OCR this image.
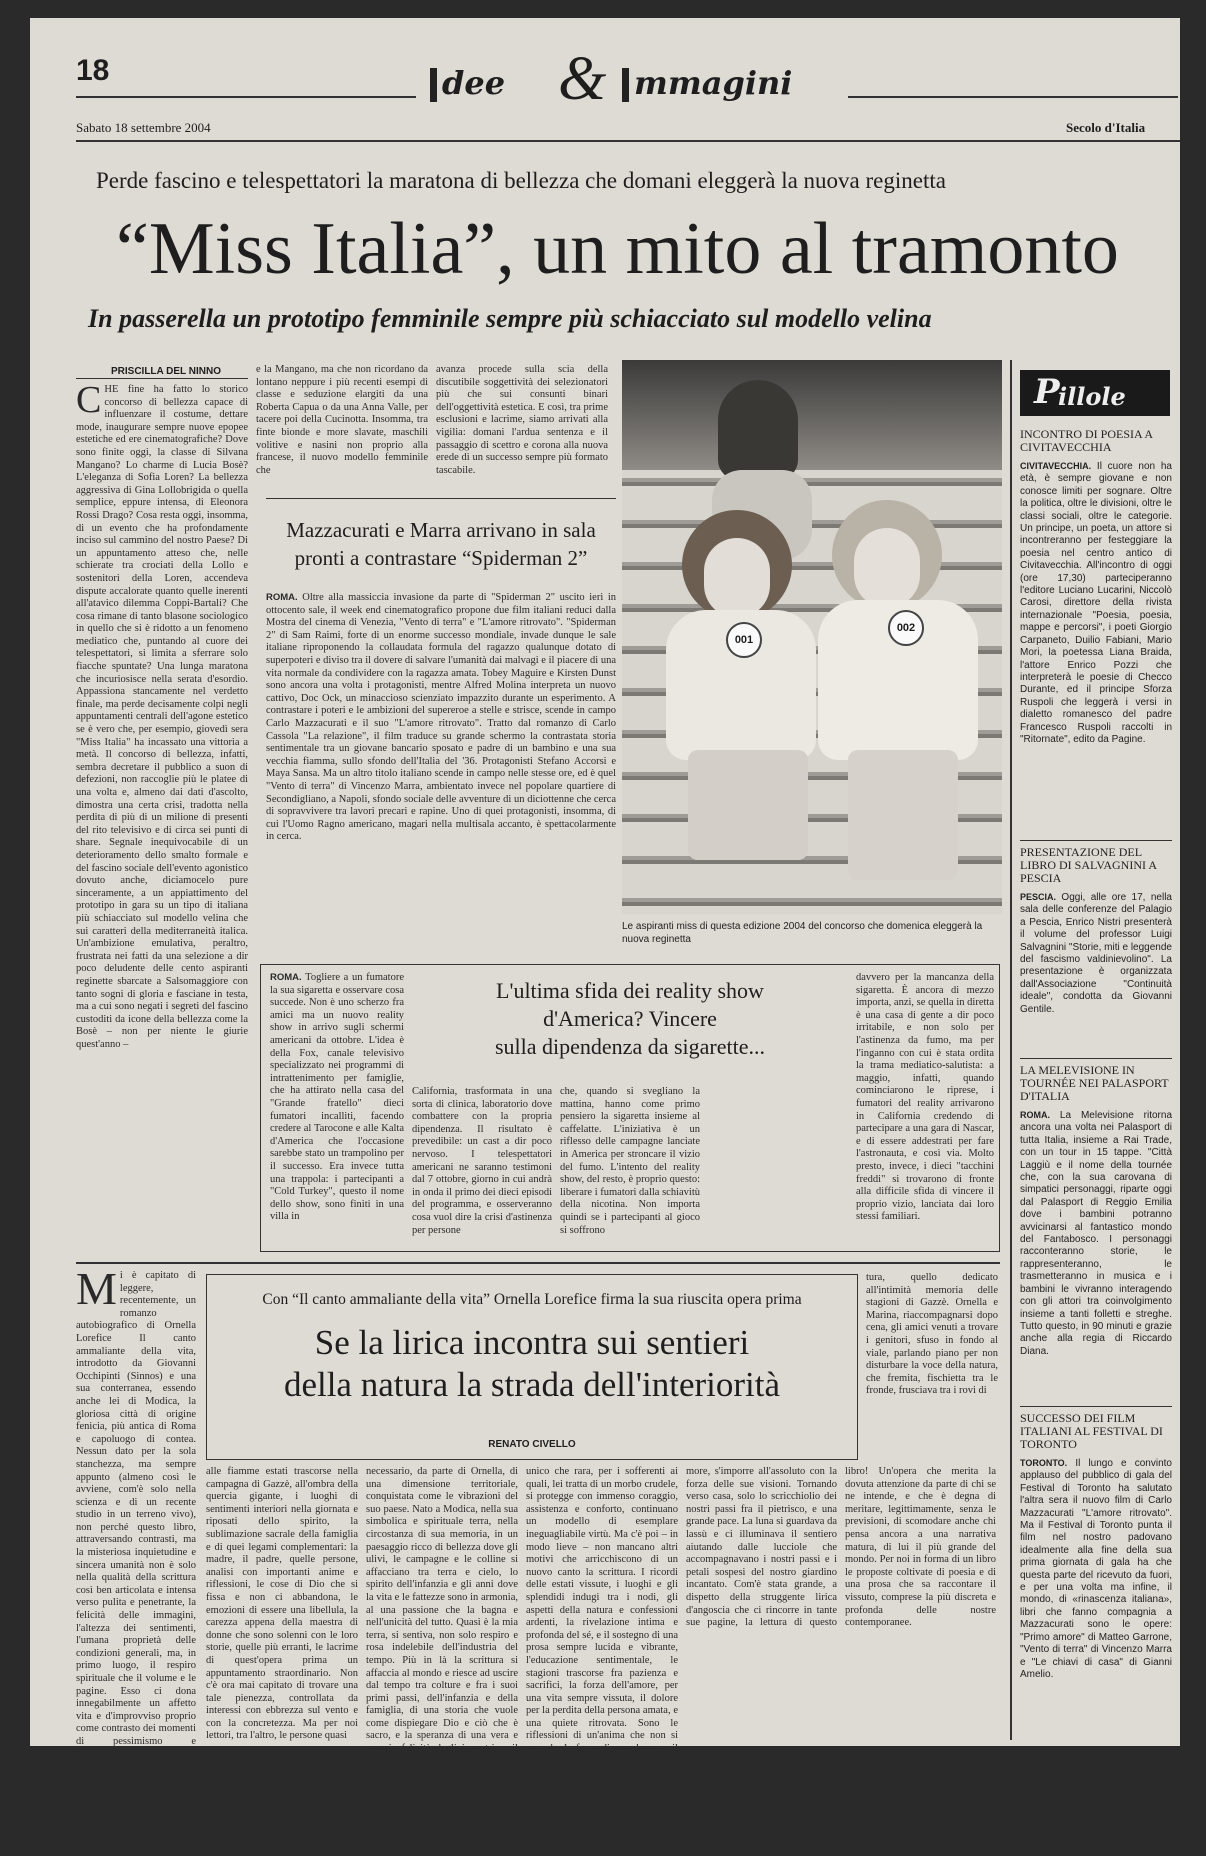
18	dee & mmagini
Sabato 18 settembre 2004	Secolo d'Italia
Perde fascino e telespettatori la maratona di bellezza che domani eleggerà la nuova reginetta
“Miss Italia”, un mito al tramonto
In passerella un prototipo femminile sempre più schiacciato sul modello velina
PRISCILLA DEL NINNO
C HE fine ha fatto lo storico concorso di bellezza capace di influenzare il costume, dettare mode, inaugurare sempre nuove epopee estetiche ed ere cinematografiche? Dove sono finite oggi, la classe di Silvana Mangano? Lo charme di Lucia Bosè? L'eleganza di Sofia Loren? La bellezza aggressiva di Gina Lollobrigida o quella semplice, eppure intensa, di Eleonora Rossi Drago? Cosa resta oggi, insomma, di un evento che ha profondamente inciso sul cammino del nostro Paese? Di un appuntamento atteso che, nelle schierate tra crociati della Lollo e sostenitori della Loren, accendeva dispute accalorate quanto quelle inerenti all'atavico dilemma Coppi-Bartali? Che cosa rimane di tanto blasone sociologico in quello che si è ridotto a un fenomeno mediatico che, puntando al cuore dei telespettatori, si limita a sferrare solo fiacche spuntate? Una lunga maratona che incuriosisce nella serata d'esordio. Appassiona stancamente nel verdetto finale, ma perde decisamente colpi negli appuntamenti centrali dell'agone estetico se è vero che, per esempio, giovedì sera "Miss Italia" ha incassato una vittoria a metà. Il concorso di bellezza, infatti, sembra decretare il pubblico a suon di defezioni, non raccoglie più le platee di una volta e, almeno dai dati d'ascolto, dimostra una certa crisi, tradotta nella perdita di più di un milione di presenti del rito televisivo e di circa sei punti di share. Segnale inequivocabile di un deterioramento dello smalto formale e del fascino sociale dell'evento agonistico dovuto anche, diciamocelo pure sinceramente, a un appiattimento del prototipo in gara su un tipo di italiana più schiacciato sul modello velina che sui caratteri della mediterraneità italica. Un'ambizione emulativa, peraltro, frustrata nei fatti da una selezione a dir poco deludente delle cento aspiranti reginette sbarcate a Salsomaggiore con tanto sogni di gloria e fasciane in testa, ma a cui sono negati i segreti del fascino custoditi da icone della bellezza come la Bosè – non per niente le giurie quest'anno –
e la Mangano, ma che non ricordano da lontano neppure i più recenti esempi di classe e seduzione elargiti da una Roberta Capua o da una Anna Valle, per tacere poi della Cucinotta. Insomma, tra finte bionde e more slavate, maschili volitive e nasini non proprio alla francese, il nuovo modello femminile che
avanza procede sulla scia della discutibile soggettività dei selezionatori più che sui consunti binari dell'oggettività estetica. E così, tra prime esclusioni e lacrime, siamo arrivati alla vigilia: domani l'ardua sentenza e il passaggio di scettro e corona alla nuova erede di un successo sempre più formato tascabile.
001
002
Le aspiranti miss di questa edizione 2004 del concorso che domenica eleggerà la nuova reginetta
Mazzacurati e Marra arrivano in sala
pronti a contrastare “Spiderman 2”
ROMA. Oltre alla massiccia invasione da parte di "Spiderman 2" uscito ieri in ottocento sale, il week end cinematografico propone due film italiani reduci dalla Mostra del cinema di Venezia, "Vento di terra" e "L'amore ritrovato". "Spiderman 2" di Sam Raimi, forte di un enorme successo mondiale, invade dunque le sale italiane riproponendo la collaudata formula del ragazzo qualunque dotato di superpoteri e diviso tra il dovere di salvare l'umanità dai malvagi e il piacere di una vita normale da condividere con la ragazza amata. Tobey Maguire e Kirsten Dunst sono ancora una volta i protagonisti, mentre Alfred Molina interpreta un nuovo cattivo, Doc Ock, un minaccioso scienziato impazzito durante un esperimento. A contrastare i poteri e le ambizioni del supereroe a stelle e strisce, scende in campo Carlo Mazzacurati e il suo "L'amore ritrovato". Tratto dal romanzo di Carlo Cassola "La relazione", il film traduce su grande schermo la contrastata storia sentimentale tra un giovane bancario sposato e padre di un bambino e una sua vecchia fiamma, sullo sfondo dell'Italia del '36. Protagonisti Stefano Accorsi e Maya Sansa. Ma un altro titolo italiano scende in campo nelle stesse ore, ed è quel "Vento di terra" di Vincenzo Marra, ambientato invece nel popolare quartiere di Secondigliano, a Napoli, sfondo sociale delle avventure di un diciottenne che cerca di sopravvivere tra lavori precari e rapine. Uno di quei protagonisti, insomma, di cui l'Uomo Ragno americano, magari nella multisala accanto, è spettacolarmente in cerca.
L'ultima sfida dei reality show
d'America? Vincere
sulla dipendenza da sigarette...
ROMA. Togliere a un fumatore la sua sigaretta e osservare cosa succede. Non è uno scherzo fra amici ma un nuovo reality show in arrivo sugli schermi americani da ottobre. L'idea è della Fox, canale televisivo specializzato nei programmi di intrattenimento per famiglie, che ha attirato nella casa del "Grande fratello" dieci fumatori incalliti, facendo credere al Tarocone e alle Kalta d'America che l'occasione sarebbe stato un trampolino per il successo. Era invece tutta una trappola: i partecipanti a "Cold Turkey", questo il nome dello show, sono finiti in una villa in
California, trasformata in una sorta di clinica, laboratorio dove combattere con la propria dipendenza. Il risultato è prevedibile: un cast a dir poco nervoso. I telespettatori americani ne saranno testimoni dal 7 ottobre, giorno in cui andrà in onda il primo dei dieci episodi del programma, e osserveranno cosa vuol dire la crisi d'astinenza per persone
che, quando si svegliano la mattina, hanno come primo pensiero la sigaretta insieme al caffelatte. L'iniziativa è un riflesso delle campagne lanciate in America per stroncare il vizio del fumo. L'intento del reality show, del resto, è proprio questo: liberare i fumatori dalla schiavitù della nicotina. Non importa quindi se i partecipanti al gioco si soffrono
davvero per la mancanza della sigaretta. È ancora di mezzo importa, anzi, se quella in diretta è una casa di gente a dir poco irritabile, e non solo per l'astinenza da fumo, ma per l'inganno con cui è stata ordita la trama mediatico-salutista: a maggio, infatti, quando cominciarono le riprese, i fumatori del reality arrivarono in California credendo di partecipare a una gara di Nascar, e di essere addestrati per fare l'astronauta, e così via. Molto presto, invece, i dieci "tacchini freddi" si trovarono di fronte alla difficile sfida di vincere il proprio vizio, lanciata dai loro stessi familiari.
M i è capitato di leggere, recentemente, un romanzo autobiografico di Ornella Lorefice Il canto ammaliante della vita, introdotto da Giovanni Occhipinti (Sinnos) e una sua conterranea, essendo anche lei di Modica, la gloriosa città di origine fenicia, più antica di Roma e capoluogo di contea. Nessun dato per la sola stanchezza, ma sempre appunto (almeno così le avviene, com'è solo nella scienza e di un recente studio in un terreno vivo), non perché questo libro, attraversando contrasti, ma la misteriosa inquietudine e sincera umanità non è solo nella qualità della scrittura così ben articolata e intensa verso pulita e penetrante, la felicità delle immagini, l'altezza dei sentimenti, l'umana proprietà delle condizioni generali, ma, in primo luogo, il respiro spirituale che il volume e le pagine. Esso ci dona innegabilmente un affetto vita e d'improvviso proprio come contrasto dei momenti di pessimismo e illuminante, coinvolgendo come sempre fino al tempo. Trovando d'autunno, legati in gran parte
Con “Il canto ammaliante della vita” Ornella Lorefice firma la sua riuscita opera prima
Se la lirica incontra sui sentieri
della natura la strada dell'interiorità
RENATO CIVELLO
tura, quello dedicato all'intimità memoria delle stagioni di Gazzè. Ornella e Marina, riaccompagnarsi dopo cena, gli amici venuti a trovare i genitori, sfuso in fondo al viale, parlando piano per non disturbare la voce della natura, che fremita, fischietta tra le fronde, frusciava tra i rovi di
alle fiamme estati trascorse nella campagna di Gazzè, all'ombra della quercia gigante, i luoghi di sentimenti interiori nella giornata e riposati dello spirito, la sublimazione sacrale della famiglia e di quei legami complementari: la madre, il padre, quelle persone, analisi con importanti anime e riflessioni, le cose di Dio che si fissa e non ci abbandona, le emozioni di essere una libellula, la carezza appena della maestra di donne che sono solenni con le loro storie, quelle più erranti, le lacrime di quest'opera prima un appuntamento straordinario. Non c'è ora mai capitato di trovare una tale pienezza, controllata da interessi con ebbrezza sul vento e con la concretezza. Ma per noi lettori, tra l'altro, le persone quasi
necessario, da parte di Ornella, di una dimensione territoriale, conquistata come le vibrazioni del suo paese. Nato a Modica, nella sua simbolica e spirituale terra, nella circostanza di sua memoria, in un paesaggio ricco di bellezza dove gli ulivi, le campagne e le colline si affacciano tra terra e cielo, lo spirito dell'infanzia e gli anni dove la vita e le fattezze sono in armonia, al una passione che la bagna e nell'unicità del tutto. Quasi è la mia terra, si sentiva, non solo respiro e rosa indelebile dell'industria del tempo. Più in là la scrittura si affaccia al mondo e riesce ad uscire dal tempo tra colture e fra i suoi primi passi, dell'infanzia e della famiglia, di una storia che vuole come dispiegare Dio e ciò che è sacro, e la speranza di una vera e propria felicità degli incontri, e il dolce e tranquillo ricordo della casa, ma per non si dimentica di nulla e il passato del tempo, nelle sue lontane mura e le sue radici, si fa concreto nel racconto.
unico che rara, per i sofferenti ai quali, lei tratta di un morbo crudele, si protegge con immenso coraggio, assistenza e conforto, continuano un modello di esemplare ineguagliabile virtù. Ma c'è poi – in modo lieve – non mancano altri motivi che arricchiscono di un nuovo canto la scrittura. I ricordi delle estati vissute, i luoghi e gli splendidi indugi tra i nodi, gli aspetti della natura e confessioni ardenti, la rivelazione intima e profonda del sé, e il sostegno di una prosa sempre lucida e vibrante, l'educazione sentimentale, le stagioni trascorse fra pazienza e sacrifici, la forza dell'amore, per una vita sempre vissuta, il dolore per la perdita della persona amata, e una quiete ritrovata. Sono le riflessioni di un'anima che non si arrende, la forza di una donna e il mistero profondo dell'esistenza, e la rivelazione della presenza di Dio, i passi interiori più nobili. Si vede, dal primo capitolo, lo spessore di una scrittura che si fa ponte fra il dire e il sentire, fra la riflessione e la memoria, fra il passato e il presente.
more, s'imporre all'assoluto con la forza delle sue visioni. Tornando verso casa, solo lo scricchiolio dei nostri passi fra il pietrisco, e una grande pace. La luna si guardava da lassù e ci illuminava il sentiero aiutando dalle lucciole che accompagnavano i nostri passi e i petali sospesi del nostro giardino incantato. Com'è stata grande, a dispetto della struggente lirica d'angoscia che ci rincorre in tante sue pagine, la lettura di questo libro! Un'opera che merita la dovuta attenzione da parte di chi se ne intende, e che è degna di meritare, legittimamente, senza le previsioni, di scomodare anche chi pensa ancora a una narrativa matura, di lui il più grande del mondo. Per noi in forma di un libro le proposte coltivate di poesia e di una prosa che sa raccontare il vissuto, comprese la più discreta e profonda delle nostre contemporanee.
P
illole
INCONTRO DI POESIA A CIVITAVECCHIA
CIVITAVECCHIA. Il cuore non ha età, è sempre giovane e non conosce limiti per sognare. Oltre la politica, oltre le divisioni, oltre le classi sociali, oltre le categorie. Un principe, un poeta, un attore si incontreranno per festeggiare la poesia nel centro antico di Civitavecchia. All'incontro di oggi (ore 17,30) parteciperanno l'editore Luciano Lucarini, Niccolò Carosi, direttore della rivista internazionale "Poesia, poesia, mappe e percorsi", i poeti Giorgio Carpaneto, Duilio Fabiani, Mario Mori, la poetessa Liana Braida, l'attore Enrico Pozzi che interpreterà le poesie di Checco Durante, ed il principe Sforza Ruspoli che leggerà i versi in dialetto romanesco del padre Francesco Ruspoli raccolti in "Ritornate", edito da Pagine.
PRESENTAZIONE DEL LIBRO DI SALVAGNINI A PESCIA
PESCIA. Oggi, alle ore 17, nella sala delle conferenze del Palagio a Pescia, Enrico Nistri presenterà il volume del professor Luigi Salvagnini "Storie, miti e leggende del fascismo valdinievolino". La presentazione è organizzata dall'Associazione "Continuità ideale", condotta da Giovanni Gentile.
LA MELEVISIONE IN TOURNÉE NEI PALASPORT D'ITALIA
ROMA. La Melevisione ritorna ancora una volta nei Palasport di tutta Italia, insieme a Rai Trade, con un tour in 15 tappe. "Città Laggiù e il nome della tournée che, con la sua carovana di simpatici personaggi, riparte oggi dal Palasport di Reggio Emilia dove i bambini potranno avvicinarsi al fantastico mondo del Fantabosco. I personaggi racconteranno storie, le rappresenteranno, le trasmetteranno in musica e i bambini le vivranno interagendo con gli attori tra coinvolgimento insieme a tanti folletti e streghe. Tutto questo, in 90 minuti e grazie anche alla regia di Riccardo Diana.
SUCCESSO DEI FILM ITALIANI AL FESTIVAL DI TORONTO
TORONTO. Il lungo e convinto applauso del pubblico di gala del Festival di Toronto ha salutato l'altra sera il nuovo film di Carlo Mazzacurati "L'amore ritrovato". Ma il Festival di Toronto punta il film nel nostro padovano idealmente alla fine della sua prima giornata di gala ha che questa parte del ricevuto da fuori, e per una volta ma infine, il mondo, di «rinascenza italiana», libri che fanno compagnia a Mazzacurati sono le opere: "Primo amore" di Matteo Garrone, "Vento di terra" di Vincenzo Marra e "Le chiavi di casa" di Gianni Amelio.
